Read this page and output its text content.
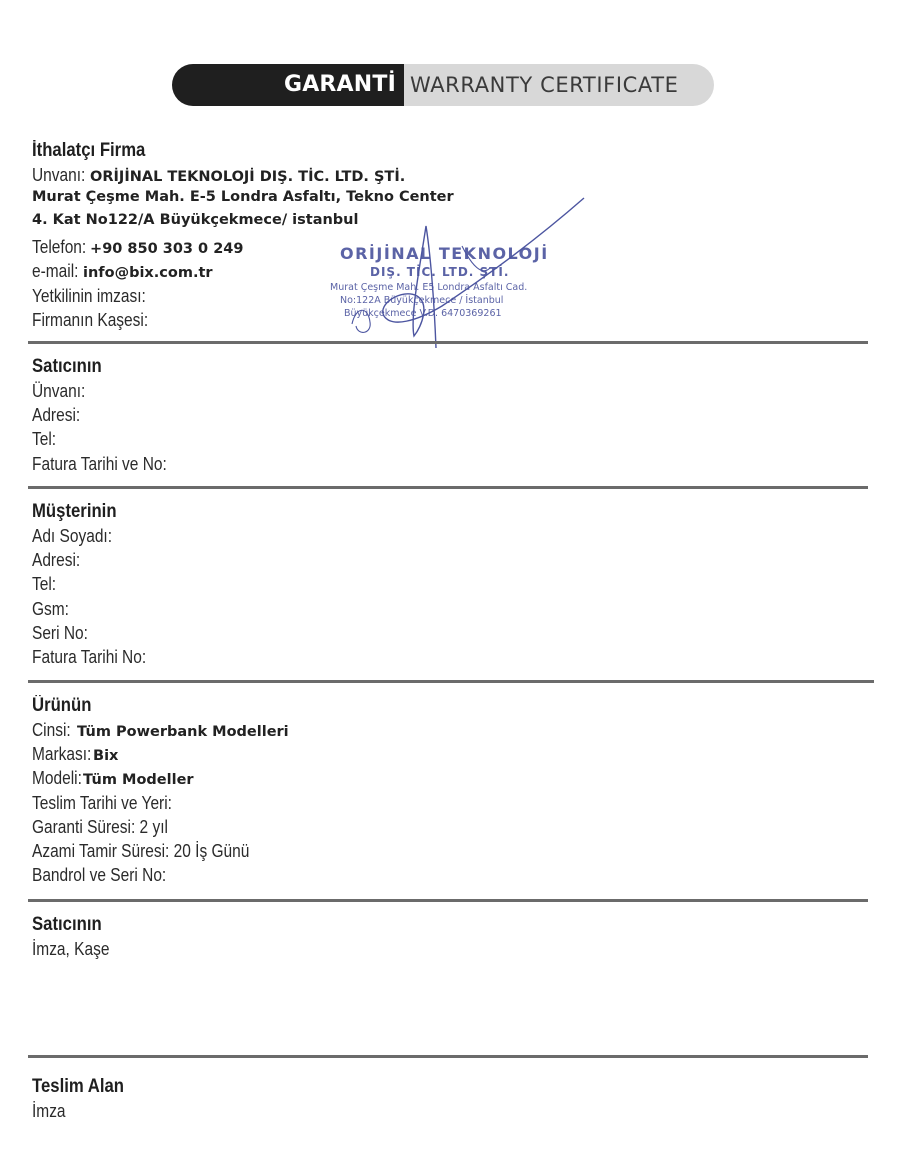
GARANTİ BELGESİ
WARRANTY CERTIFICATE
İthalatçı Firma
Unvanı: ORİJİNAL TEKNOLOJİ DIŞ. TİC. LTD. ŞTİ.
Murat Çeşme Mah. E-5 Londra Asfaltı, Tekno Center
4. Kat No122/A Büyükçekmece/ istanbul
Telefon: +90 850 303 0 249
e-mail: info@bix.com.tr
Yetkilinin imzası:
Firmanın Kaşesi:
ORİJİNAL TEKNOLOJİ
DIŞ. TİC. LTD. ŞTİ.
Murat Çeşme Mah. E5 Londra Asfaltı Cad.
No:122A Büyükçekmece / İstanbul
Büyükçekmece V.D. 6470369261
Satıcının
Ünvanı:
Adresi:
Tel:
Fatura Tarihi ve No:
Müşterinin
Adı Soyadı:
Adresi:
Tel:
Gsm:
Seri No:
Fatura Tarihi No:
Ürünün
Cinsi: Tüm Powerbank Modelleri
Markası: Bix
Modeli:Tüm Modeller
Teslim Tarihi ve Yeri:
Garanti Süresi: 2 yıl
Azami Tamir Süresi: 20 İş Günü
Bandrol ve Seri No:
Satıcının
İmza, Kaşe
Teslim Alan
İmza
